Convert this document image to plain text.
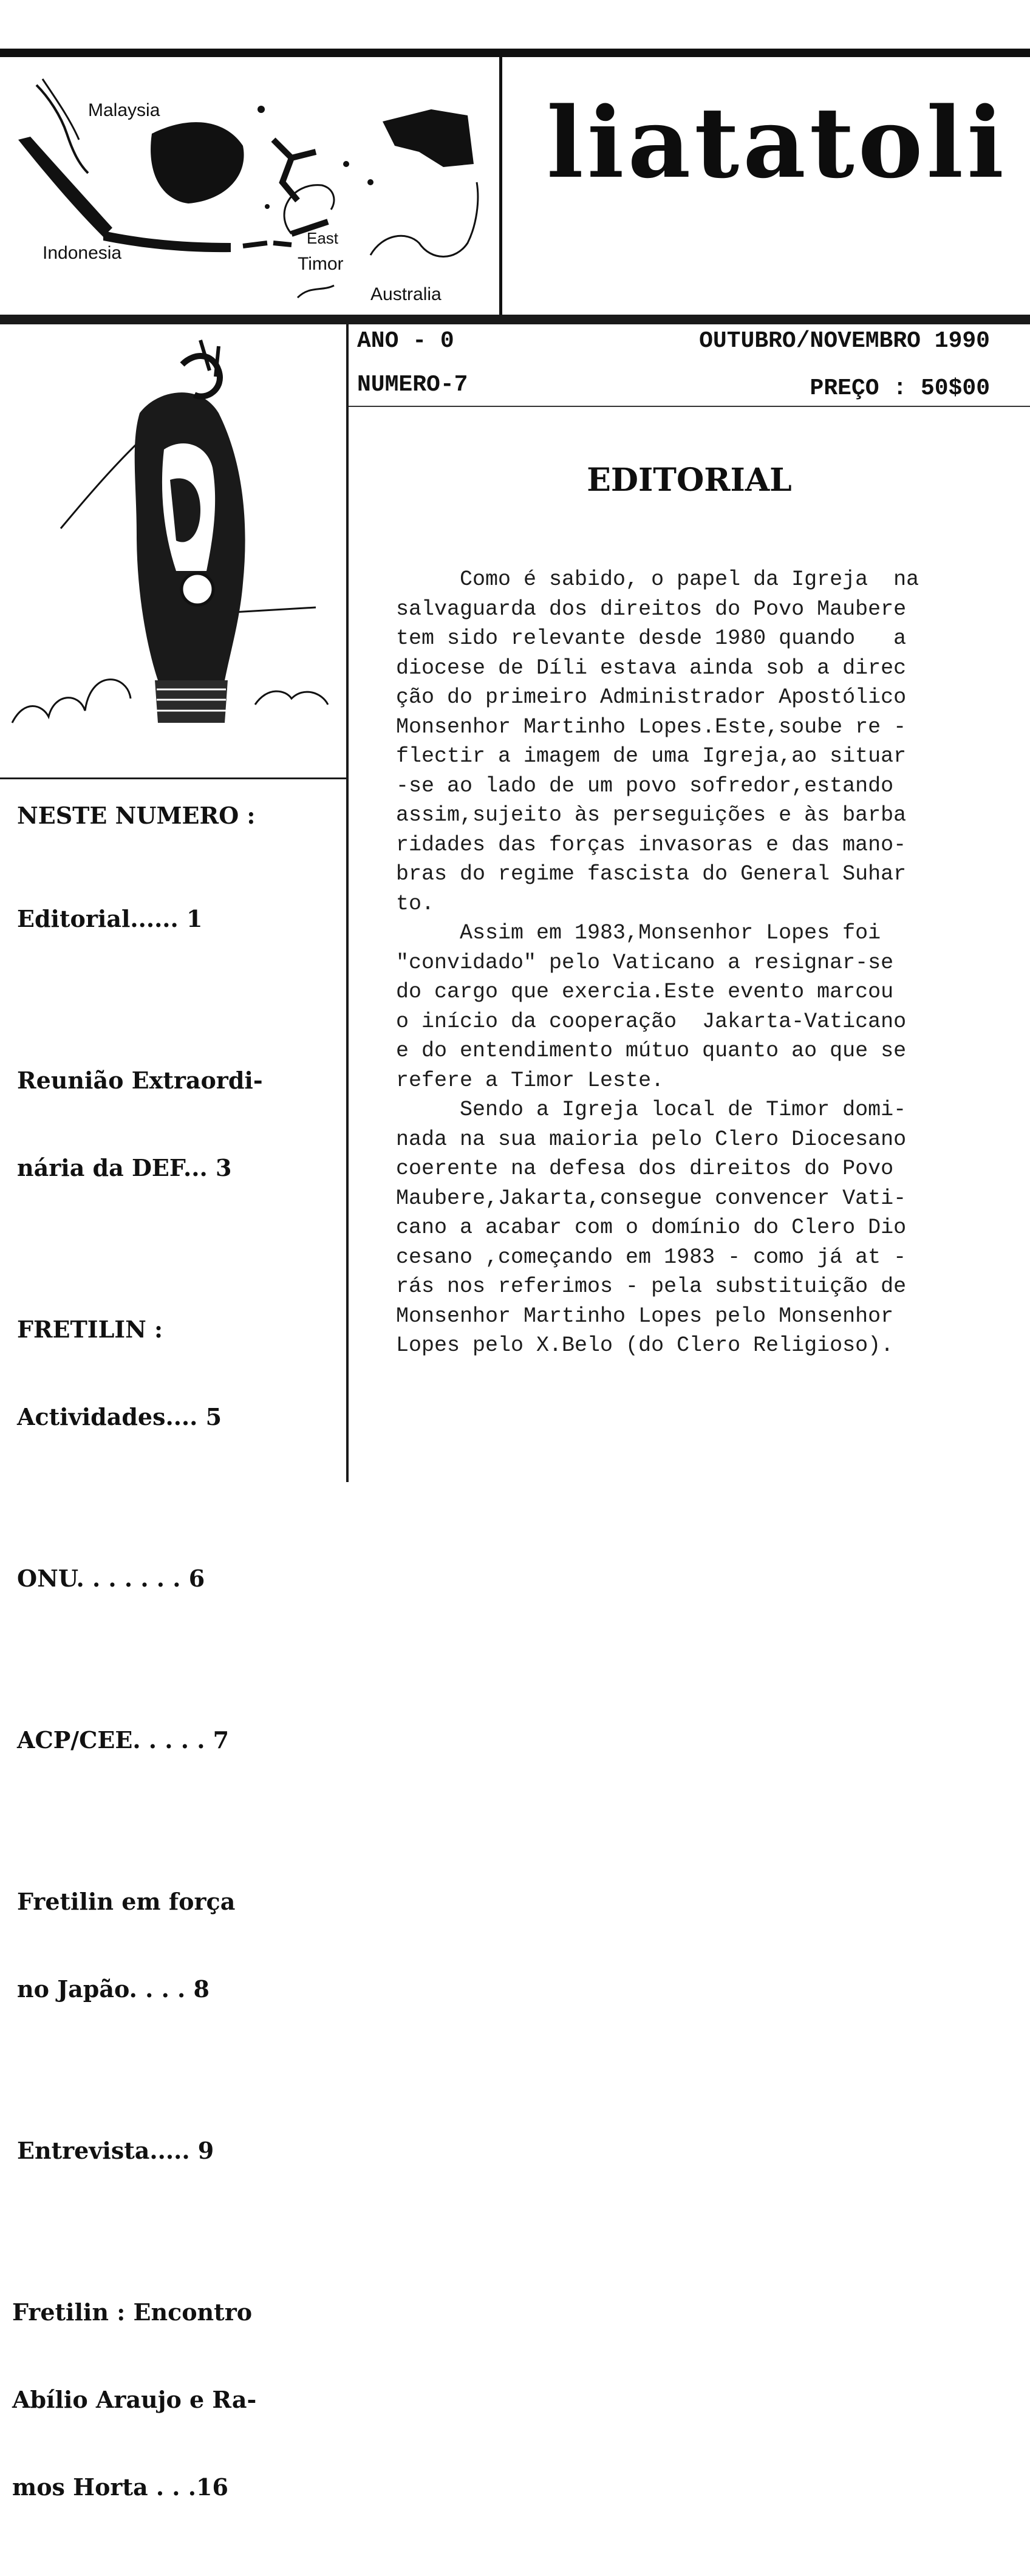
Malaysia
Indonesia
East
Timor
Australia
liatatoli
ANO - 0
NUMERO-7
OUTUBRO/NOVEMBRO 1990
PREÇO : 50$00
NESTE NUMERO :

Editorial...... 1

Reunião Extraordi-

nária da DEF... 3

FRETILIN :

Actividades.... 5

ONU. . . . . . . 6

ACP/CEE. . . . . 7

Fretilin em força

no Japão. . . . 8

Entrevista..... 9

Fretilin : Encontro

Abílio Araujo e Ra-

mos Horta . . .16

EDITORIAL

Como é sabido, o papel da Igreja  na
salvaguarda dos direitos do Povo Maubere
tem sido relevante desde 1980 quando   a
diocese de Díli estava ainda sob a direc
ção do primeiro Administrador Apostólico
Monsenhor Martinho Lopes.Este,soube re -
flectir a imagem de uma Igreja,ao situar
-se ao lado de um povo sofredor,estando
assim,sujeito às perseguições e às barba
ridades das forças invasoras e das mano-
bras do regime fascista do General Suhar
to.

Assim em 1983,Monsenhor Lopes foi
"convidado" pelo Vaticano a resignar-se
do cargo que exercia.Este evento marcou
o início da cooperação  Jakarta-Vaticano
e do entendimento mútuo quanto ao que se
refere a Timor Leste.

Sendo a Igreja local de Timor domi-
nada na sua maioria pelo Clero Diocesano
coerente na defesa dos direitos do Povo
Maubere,Jakarta,consegue convencer Vati-
cano a acabar com o domínio do Clero Dio
cesano ,começando em 1983 - como já at -
rás nos referimos - pela substituição de
Monsenhor Martinho Lopes pelo Monsenhor
Lopes pelo X.Belo (do Clero Religioso).
